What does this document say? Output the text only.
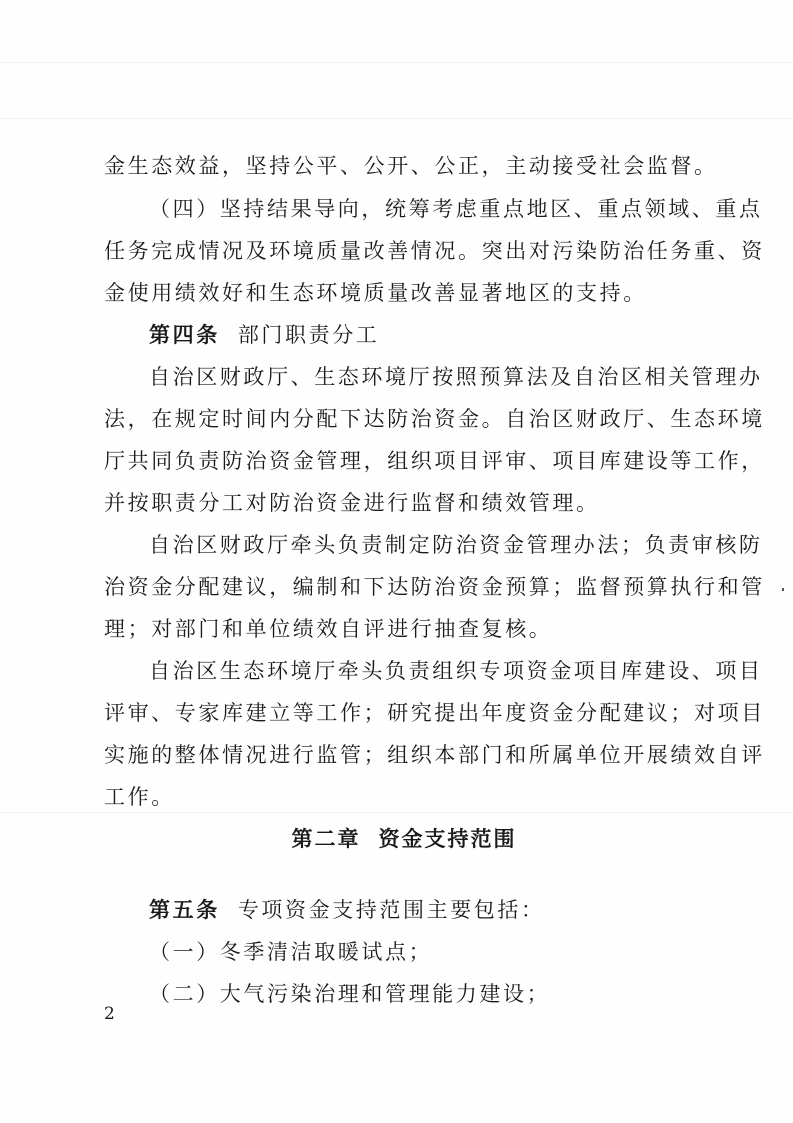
金生态效益，坚持公平、公开、公正，主动接受社会监督。
（四）坚持结果导向，统筹考虑重点地区、重点领域、重点
任务完成情况及环境质量改善情况。突出对污染防治任务重、资
金使用绩效好和生态环境质量改善显著地区的支持。
第四条 部门职责分工
自治区财政厅、生态环境厅按照预算法及自治区相关管理办
法，在规定时间内分配下达防治资金。自治区财政厅、生态环境
厅共同负责防治资金管理，组织项目评审、项目库建设等工作，
并按职责分工对防治资金进行监督和绩效管理。
自治区财政厅牵头负责制定防治资金管理办法；负责审核防
治资金分配建议，编制和下达防治资金预算；监督预算执行和管
理；对部门和单位绩效自评进行抽查复核。
自治区生态环境厅牵头负责组织专项资金项目库建设、项目
评审、专家库建立等工作；研究提出年度资金分配建议；对项目
实施的整体情况进行监管；组织本部门和所属单位开展绩效自评
工作。
第二章 资金支持范围
第五条 专项资金支持范围主要包括：
（一）冬季清洁取暖试点；
（二）大气污染治理和管理能力建设；
2
